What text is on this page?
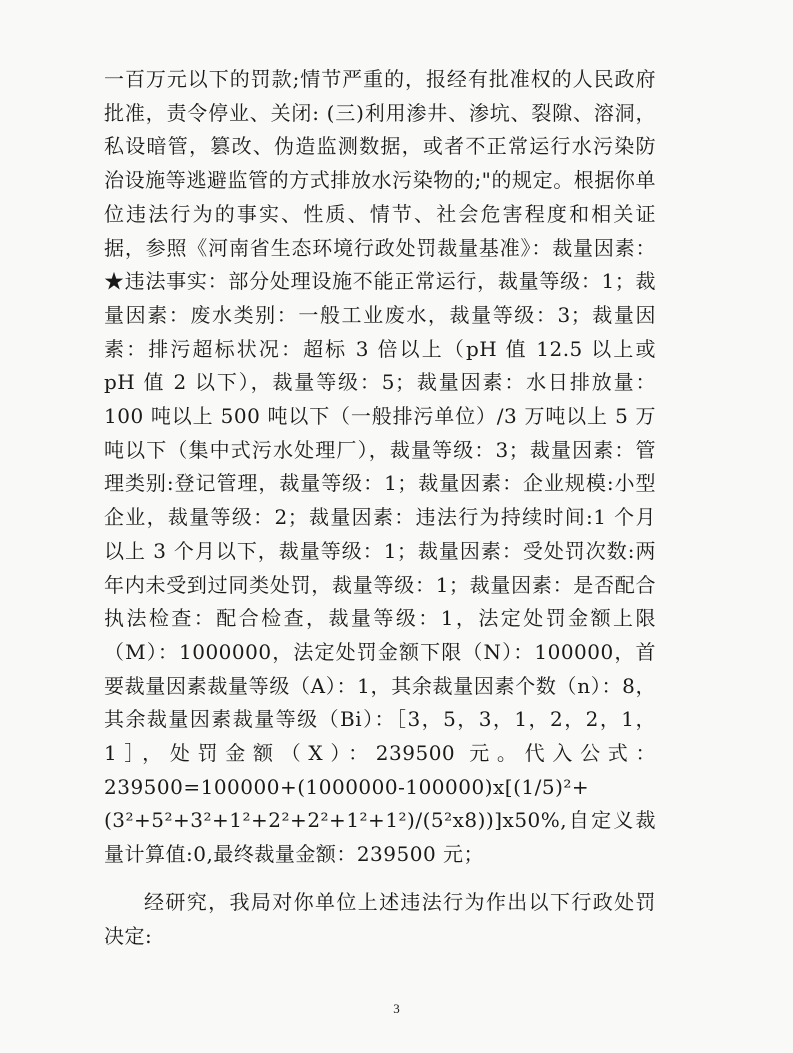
一百万元以下的罚款;情节严重的，报经有批准权的人民政府批准，责令停业、关闭: (三)利用渗井、渗坑、裂隙、溶洞，私设暗管，篡改、伪造监测数据，或者不正常运行水污染防治设施等逃避监管的方式排放水污染物的;"的规定。根据你单位违法行为的事实、性质、情节、社会危害程度和相关证据，参照《河南省生态环境行政处罚裁量基准》：裁量因素：★违法事实：部分处理设施不能正常运行，裁量等级：1；裁量因素：废水类别：一般工业废水，裁量等级：3；裁量因素：排污超标状况：超标 3 倍以上（pH 值 12.5 以上或 pH 值 2 以下），裁量等级：5；裁量因素：水日排放量：100 吨以上 500 吨以下（一般排污单位）/3 万吨以上 5 万吨以下（集中式污水处理厂），裁量等级：3；裁量因素：管理类别:登记管理，裁量等级：1；裁量因素：企业规模:小型企业，裁量等级：2；裁量因素：违法行为持续时间:1 个月以上 3 个月以下，裁量等级：1；裁量因素：受处罚次数:两年内未受到过同类处罚，裁量等级：1；裁量因素：是否配合执法检查：配合检查，裁量等级：1，法定处罚金额上限（M）：1000000，法定处罚金额下限（N）：100000，首要裁量因素裁量等级（A）：1，其余裁量因素个数（n）：8，其余裁量因素裁量等级（Bi）：［3，5，3，1，2，2，1，1］，处罚金额（X）：239500 元。代入公式：239500=100000+(1000000-100000)x[(1/5)²+(3²+5²+3²+1²+2²+2²+1²+1²)/(5²x8))]x50%,自定义裁量计算值:0,最终裁量金额：239500 元；

经研究，我局对你单位上述违法行为作出以下行政处罚决定:

3
